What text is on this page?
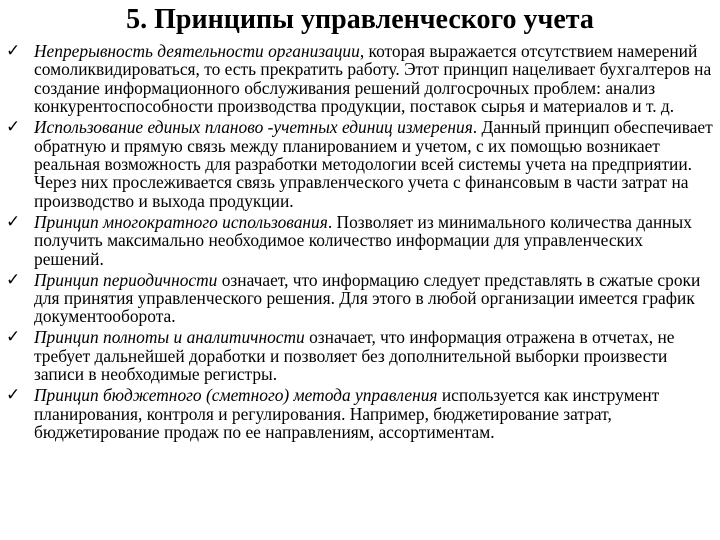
5. Принципы управленческого учета
✓ Непрерывность деятельности организации, которая выражается отсутствием намерений сомоликвидироваться, то есть прекратить работу. Этот принцип нацеливает бухгалтеров на создание информационного обслуживания решений долгосрочных проблем: анализ конкурентоспособности производства продукции, поставок сырья и материалов и т. д.
✓ Использование единых планово -учетных единиц измерения. Данный принцип обеспечивает обратную и прямую связь между планированием и учетом, с их помощью возникает реальная возможность для разработки методологии всей системы учета на предприятии. Через них прослеживается связь управленческого учета с финансовым в части затрат на производство и выхода продукции.
✓ Принцип многократного использования. Позволяет из минимального количества данных получить максимально необходимое количество информации для управленческих решений.
✓ Принцип периодичности означает, что информацию следует представлять в сжатые сроки для принятия управленческого решения. Для этого в любой организации имеется график документооборота.
✓ Принцип полноты и аналитичности означает, что информация отражена в отчетах, не требует дальнейшей доработки и позволяет без дополнительной выборки произвести записи в необходимые регистры.
✓ Принцип бюджетного (сметного) метода управления используется как инструмент планирования, контроля и регулирования. Например, бюджетирование затрат, бюджетирование продаж по ее направлениям, ассортиментам.
